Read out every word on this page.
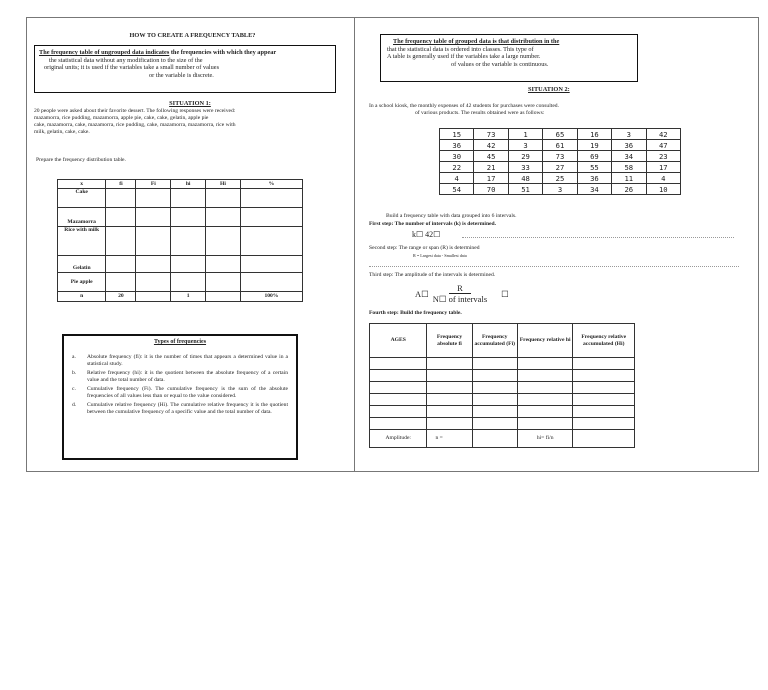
HOW TO CREATE A FREQUENCY TABLE?
The frequency table of ungrouped data indicates the frequencies with which they appear
the statistical data without any modification to the size of the
original units; it is used if the variables take a small number of values
or the variable is discrete.
SITUATION 1:
20 people were asked about their favorite dessert. The following responses were received:
mazamorra, rice pudding, mazamorra, apple pie, cake, cake, gelatin, apple pie
cake, mazamorra, cake, mazamorra, rice pudding, cake, mazamorra, mazamorra, rice with
milk, gelatin, cake, cake.
Prepare the frequency distribution table.
x	fi	Fi	hi	Hi	%
Cake					
Mazamorra					
Rice with milk					
Gelatin					
Pie apple					
n	20		1		100%
Types of frequencies
a.	Absolute frequency (fi): it is the number of times that appears a determined value in a statistical study.
b.	Relative frequency (hi): it is the quotient between the absolute frequency of a certain value and the total number of data.
c.	Cumulative frequency (Fi). The cumulative frequency is the sum of the absolute frequencies of all values less than or equal to the value considered.
d.	Cumulative relative frequency (Hi). The cumulative relative frequency it is the quotient between the cumulative frequency of a specific value and the total number of data.
The frequency table of grouped data is that distribution in the
that the statistical data is ordered into classes. This type of
A table is generally used if the variables take a large number.
of values or the variable is continuous.
SITUATION 2:
In a school kiosk, the monthly expenses of 42 students for purchases were consulted.
of various products. The results obtained were as follows:
15	73	1	65	16	3	42
36	42	3	61	19	36	47
30	45	29	73	69	34	23
22	21	33	27	55	58	17
4	17	48	25	36	11	4
54	70	51	3	34	26	10
Build a frequency table with data grouped into 6 intervals.
First step: The number of intervals (k) is determined.
k☐ 42☐
Second step: The range or span (R) is determined
R = Largest data - Smallest data
Third step: The amplitude of the intervals is determined.
A☐
R
N☐ of intervals
☐
Fourth step: Build the frequency table.
AGES	Frequency absolute fi	Frequency accumulated (Fi)	Frequency relative hi	Frequency relative accumulated (Hi)

Amplitude:	n =		hi= fi/n	
